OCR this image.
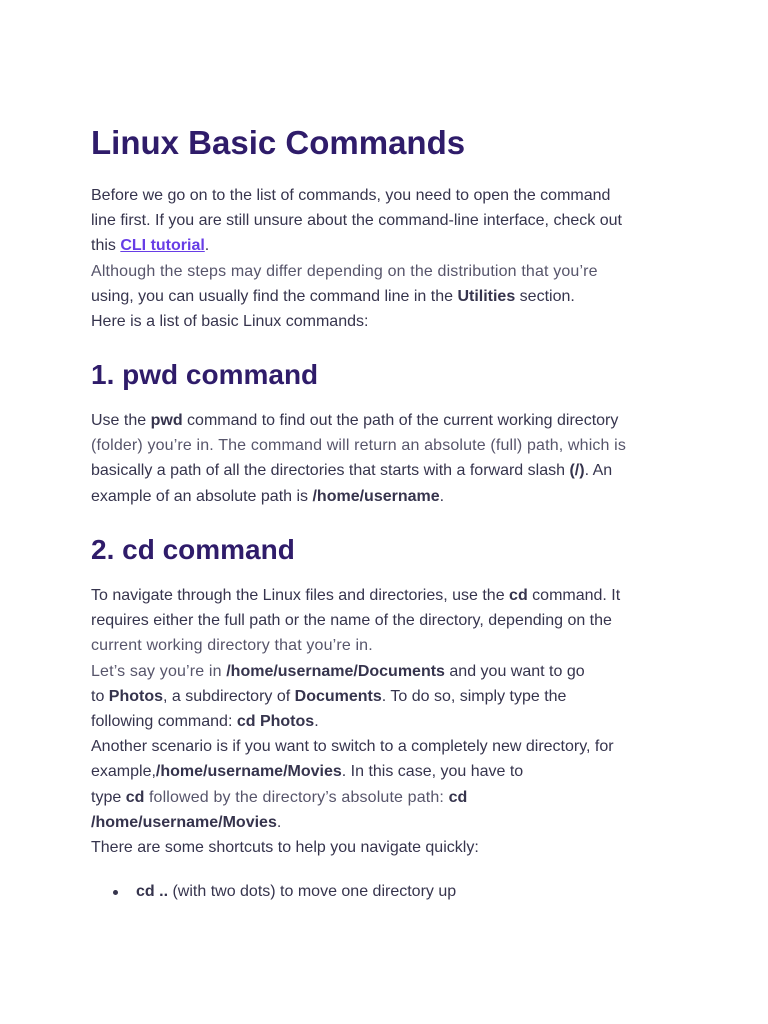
Linux Basic Commands

Before we go on to the list of commands, you need to open the command
line first. If you are still unsure about the command-line interface, check out
this CLI tutorial.

Although the steps may differ depending on the distribution that you’re
using, you can usually find the command line in the Utilities section.

Here is a list of basic Linux commands:

1. pwd command

Use the pwd command to find out the path of the current working directory
(folder) you’re in. The command will return an absolute (full) path, which is
basically a path of all the directories that starts with a forward slash (/). An
example of an absolute path is /home/username.

2. cd command

To navigate through the Linux files and directories, use the cd command. It
requires either the full path or the name of the directory, depending on the
current working directory that you’re in.

Let’s say you’re in /home/username/Documents and you want to go
to Photos, a subdirectory of Documents. To do so, simply type the
following command: cd Photos.

Another scenario is if you want to switch to a completely new directory, for
example,/home/username/Movies. In this case, you have to
type cd followed by the directory’s absolute path: cd
/home/username/Movies.

There are some shortcuts to help you navigate quickly:

cd .. (with two dots) to move one directory up
